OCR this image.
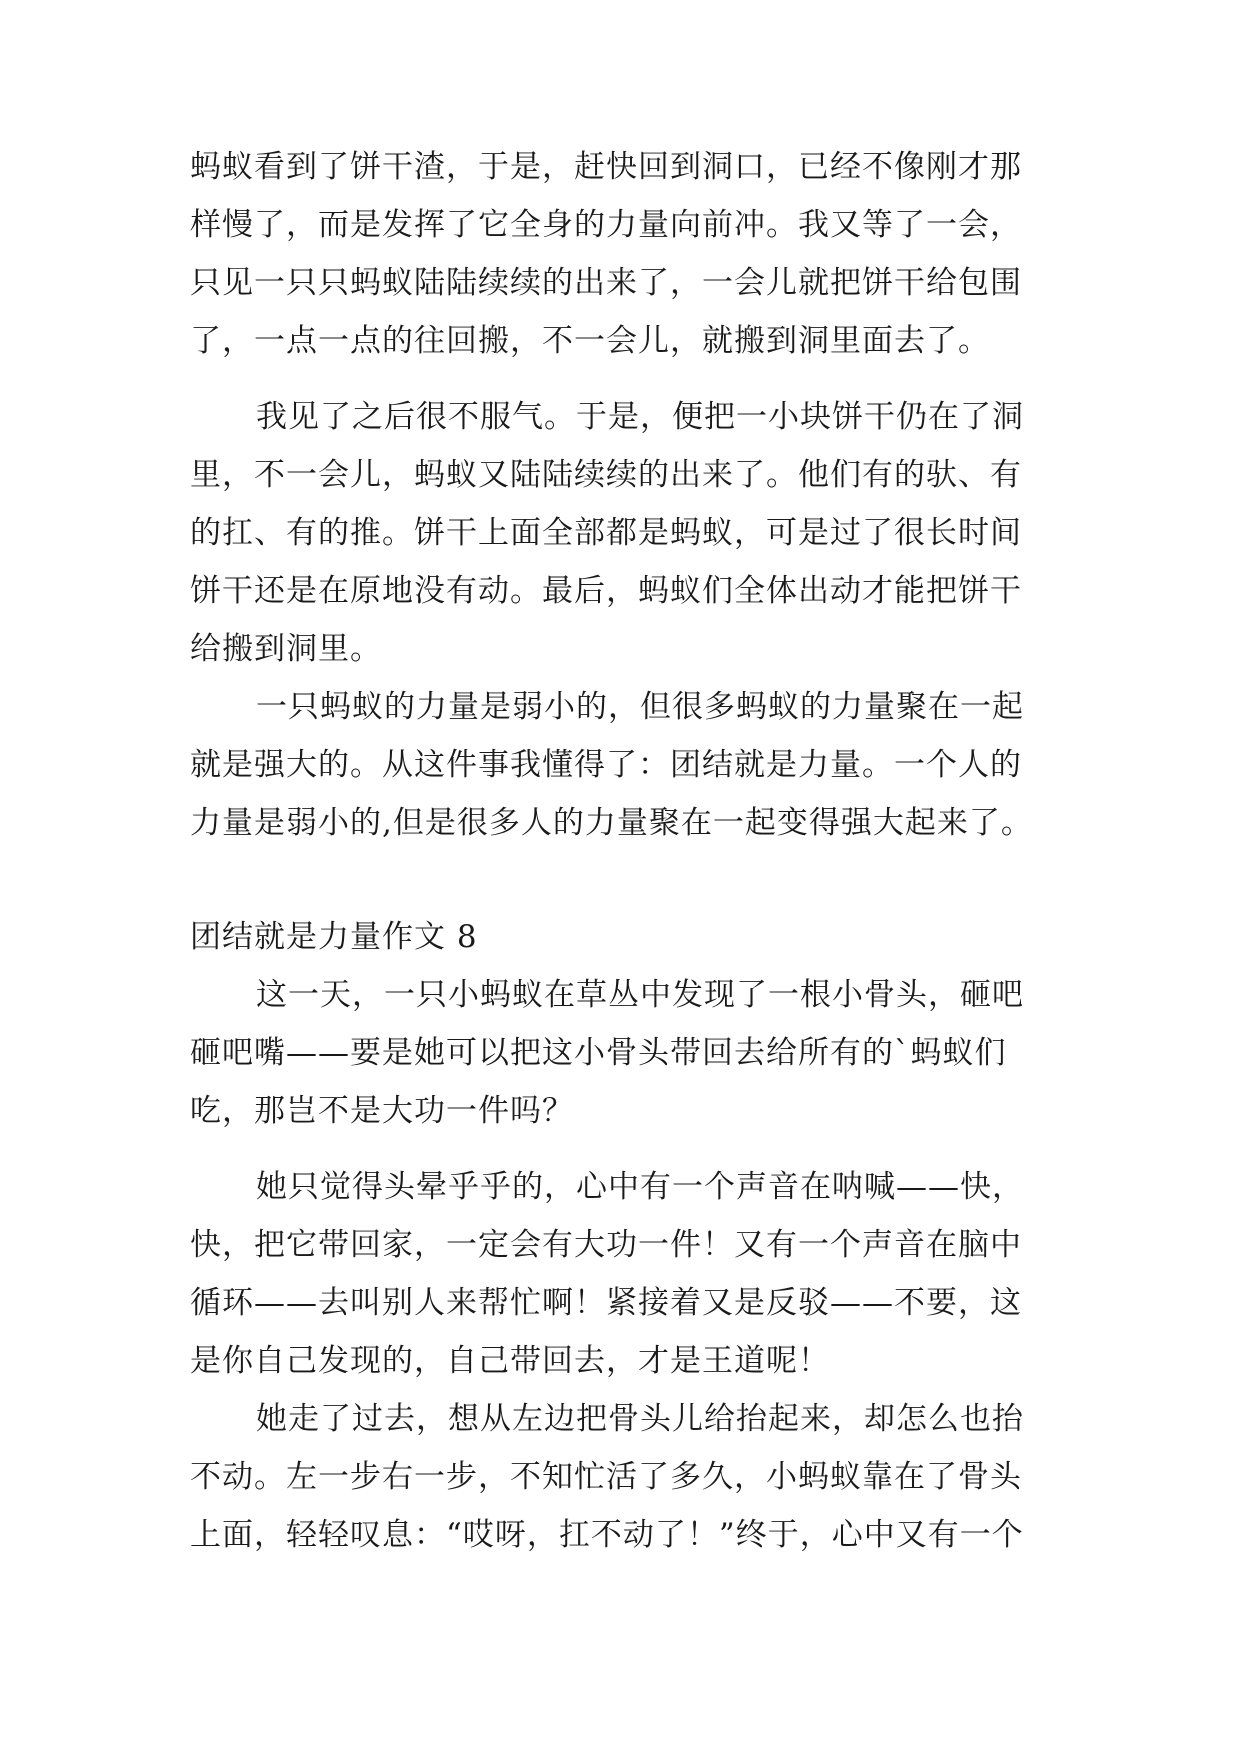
蚂蚁看到了饼干渣，于是，赶快回到洞口，已经不像刚才那
样慢了，而是发挥了它全身的力量向前冲。我又等了一会，
只见一只只蚂蚁陆陆续续的出来了，一会儿就把饼干给包围
了，一点一点的往回搬，不一会儿，就搬到洞里面去了。
我见了之后很不服气。于是，便把一小块饼干仍在了洞
里，不一会儿，蚂蚁又陆陆续续的出来了。他们有的驮、有
的扛、有的推。饼干上面全部都是蚂蚁，可是过了很长时间
饼干还是在原地没有动。最后，蚂蚁们全体出动才能把饼干
给搬到洞里。
一只蚂蚁的力量是弱小的，但很多蚂蚁的力量聚在一起
就是强大的。从这件事我懂得了：团结就是力量。一个人的
力量是弱小的,但是很多人的力量聚在一起变得强大起来了。
团结就是力量作文 8
这一天，一只小蚂蚁在草丛中发现了一根小骨头，砸吧
砸吧嘴——要是她可以把这小骨头带回去给所有的`蚂蚁们
吃，那岂不是大功一件吗？
她只觉得头晕乎乎的，心中有一个声音在呐喊——快，
快，把它带回家，一定会有大功一件！又有一个声音在脑中
循环——去叫别人来帮忙啊！紧接着又是反驳——不要，这
是你自己发现的，自己带回去，才是王道呢！
她走了过去，想从左边把骨头儿给抬起来，却怎么也抬
不动。左一步右一步，不知忙活了多久，小蚂蚁靠在了骨头
上面，轻轻叹息：“哎呀，扛不动了！”终于，心中又有一个
